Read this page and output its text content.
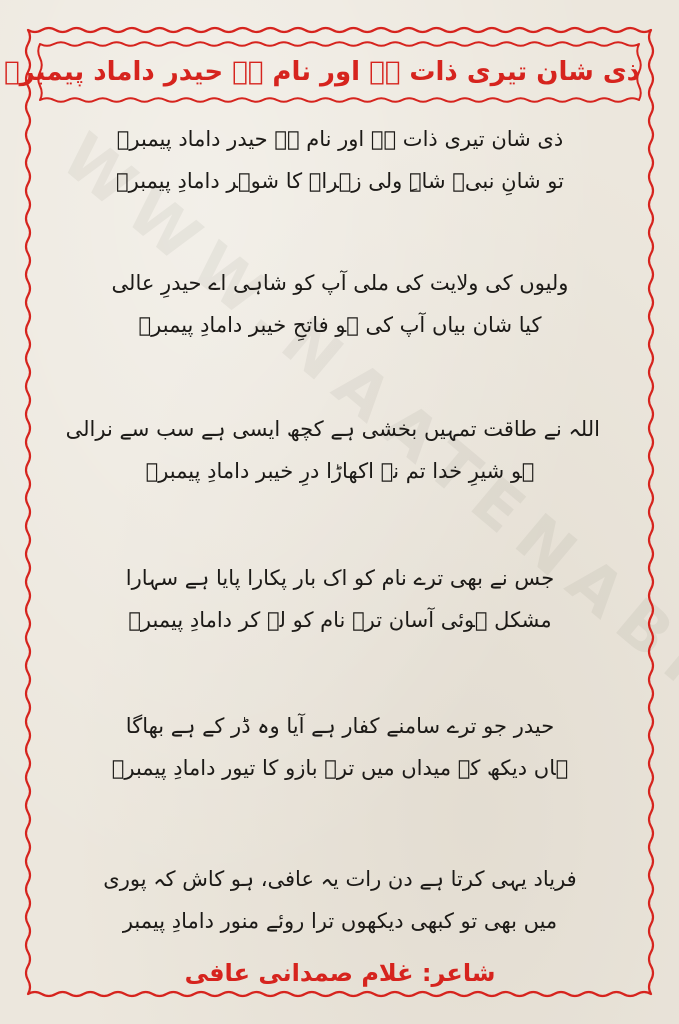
ذی شان تیری ذات ہے اور نام ہے حیدر داماد پیمبرؐ
ذی شان تیری ذات ہے اور نام ہے حیدر داماد پیمبرؐ
تو شانِ نبیؐ شاہِ ولی زہراؑ کا شوہر دامادِ پیمبرؐ
ولیوں کی ولایت کی ملی آپ کو شاہی اے حیدرِ عالی
کیا شان بیاں آپ کی ہو فاتحِ خیبر دامادِ پیمبرؐ
اللہ نے طاقت تمہیں بخشی ہے کچھ ایسی ہے سب سے نرالی
ہو شیرِ خدا تم نے اکھاڑا درِ خیبر دامادِ پیمبرؐ
جس نے بھی ترے نام کو اک بار پکارا پایا ہے سہارا
مشکل ہوئی آسان ترے نام کو لے کر دامادِ پیمبرؐ
حیدر جو ترے سامنے کفار ہے آیا وہ ڈر کے ہے بھاگا
ہاں دیکھ کے میداں میں ترے بازو کا تیور دامادِ پیمبرؐ
فریاد یہی کرتا ہے دن رات یہ عافی، ہو کاش کہ پوری
میں بھی تو کبھی دیکھوں ترا روئے منور دامادِ پیمبر
شاعر: غلام صمدانی عافی
